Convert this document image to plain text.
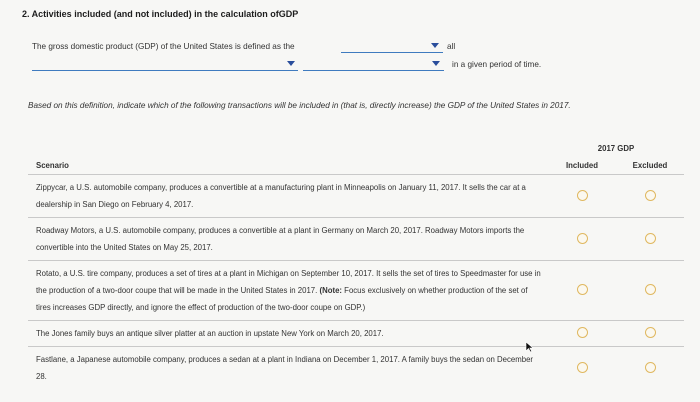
2. Activities included (and not included) in the calculation ofGDP
The gross domestic product (GDP) of the United States is defined as the	all
in a given period of time.
Based on this definition, indicate which of the following transactions will be included in (that is, directly increase) the GDP of the United States in 2017.
	2017 GDP	
Scenario	Included	Excluded
Zippycar, a U.S. automobile company, produces a convertible at a manufacturing plant in Minneapolis on January 11, 2017. It sells the car at a dealership in San Diego on February 4, 2017.		
Roadway Motors, a U.S. automobile company, produces a convertible at a plant in Germany on March 20, 2017. Roadway Motors imports the convertible into the United States on May 25, 2017.		
Rotato, a U.S. tire company, produces a set of tires at a plant in Michigan on September 10, 2017. It sells the set of tires to Speedmaster for use in the production of a two-door coupe that will be made in the United States in 2017. (Note: Focus exclusively on whether production of the set of tires increases GDP directly, and ignore the effect of production of the two-door coupe on GDP.)		
The Jones family buys an antique silver platter at an auction in upstate New York on March 20, 2017.		
Fastlane, a Japanese automobile company, produces a sedan at a plant in Indiana on December 1, 2017. A family buys the sedan on December 28.		
